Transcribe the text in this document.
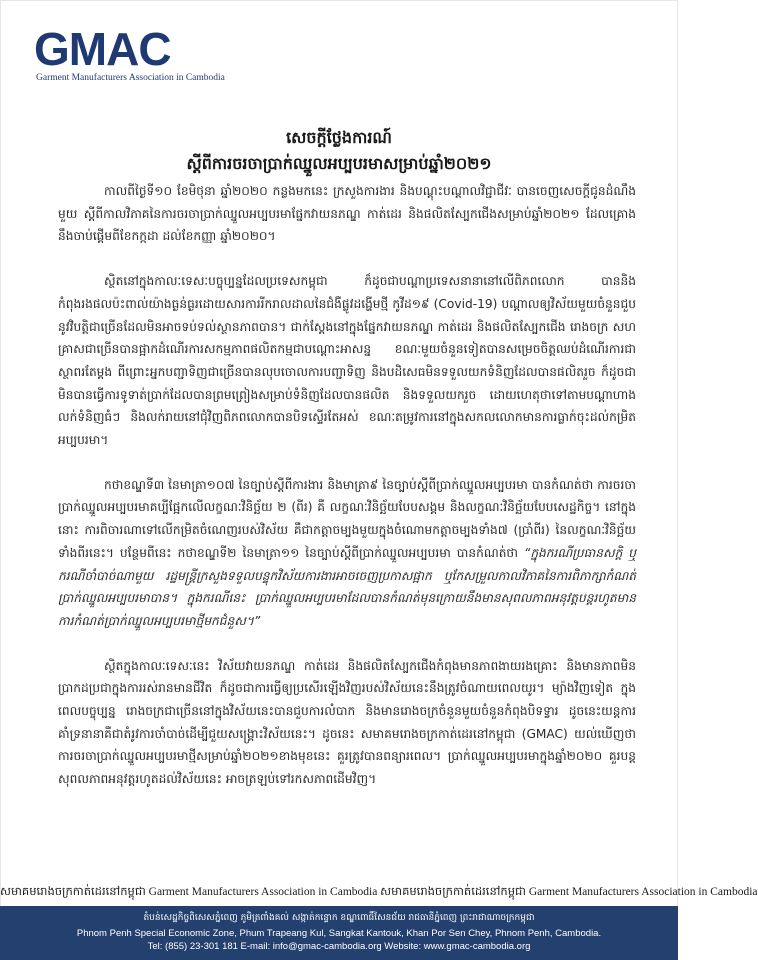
GMAC
Garment Manufacturers Association in Cambodia
សេចក្តីថ្លែងការណ៍
ស្តីពីការចរចាប្រាក់ឈ្នួលអប្បបរមាសម្រាប់ឆ្នាំ២០២១

កាលពីថ្ងៃទី១០ ខែមិថុនា ឆ្នាំ២០២០ កន្លងមកនេះ ក្រសួងការងារ និងបណ្តុះបណ្តាលវិជ្ជាជីវៈ បានចេញសេចក្តីជូនដំណឹងមួយ ស្តីពីកាលវិភាគនៃការចរចាប្រាក់ឈ្នួលអប្បបរមាផ្នែកវាយនភណ្ឌ កាត់ដេរ និងផលិតស្បែកជើងសម្រាប់ឆ្នាំ២០២១ ដែលគ្រោងនឹងចាប់ផ្តើមពីខែកក្កដា ដល់ខែកញ្ញា ឆ្នាំ២០២០។

ស្ថិតនៅក្នុងកាលៈទេសៈបច្ចុប្បន្នដែលប្រទេសកម្ពុជា ក៏ដូចជាបណ្តាប្រទេសនានានៅលើពិភពលោក បាននិងកំពុងរងផលប៉ះពាល់យ៉ាងធ្ងន់ធ្ងរដោយសារការរីករាលដាលនៃជំងឺផ្លូវដង្ហើមថ្មី កូវីដ១៩ (Covid-19) បណ្តាលឲ្យវិស័យមួយចំនួនជួបនូវវិបត្តិជាច្រើនដែលមិនអាចទប់ទល់ស្ថានភាពបាន។ ជាក់ស្តែងនៅក្នុងផ្នែកវាយនភណ្ឌ កាត់ដេរ និងផលិតស្បែកជើង រោងចក្រ សហគ្រាសជាច្រើនបានផ្អាកដំណើរការសកម្មភាពផលិតកម្មជាបណ្តោះអាសន្ន ខណៈមួយចំនួនទៀតបានសម្រេចចិត្តឈប់ដំណើរការជាស្ថាពរតែម្តង ពីព្រោះអ្នកបញ្ជាទិញជាច្រើនបានលុបចោលការបញ្ជាទិញ និងបដិសេធមិនទទួលយកទំនិញដែលបានផលិតរួច ក៏ដូចជាមិនបានធ្វើការទូទាត់ប្រាក់ដែលបានព្រមព្រៀងសម្រាប់ទំនិញដែលបានផលិត និងទទួលយករួច ដោយហេតុថាទៅតាមបណ្តាហាងលក់ទំនិញធំៗ និងលក់រាយនៅជុំវិញពិភពលោកបានបិទស្ទើរតែអស់ ខណៈតម្រូវការនៅក្នុងសកលលោកមានការធ្លាក់ចុះដល់កម្រិតអប្បបរមា។

កថាខណ្ឌទី៣ នៃមាត្រា១០៧ នៃច្បាប់ស្តីពីការងារ និងមាត្រា៩ នៃច្បាប់ស្តីពីប្រាក់ឈ្នួលអប្បបរមា បានកំណត់ថា ការចរចាប្រាក់ឈ្នួលអប្បបរមាគប្បីផ្អែកលើលក្ខណៈវិនិច្ឆ័យ ២ (ពីរ) គឺ លក្ខណៈវិនិច្ឆ័យបែបសង្គម និងលក្ខណៈវិនិច្ឆ័យបែបសេដ្ឋកិច្ច។ នៅក្នុងនោះ ការពិចារណាទៅលើកម្រិតចំណេញរបស់វិស័យ គឺជាកត្តាចម្បងមួយក្នុងចំណោមកត្តាចម្បងទាំង៧ (ប្រាំពីរ) នៃលក្ខណៈវិនិច្ឆ័យទាំងពីរនេះ។ បន្ថែមពីនេះ កថាខណ្ឌទី២ នៃមាត្រា១១ នៃច្បាប់ស្តីពីប្រាក់ឈ្នួលអប្បបរមា បានកំណត់ថា “ក្នុងករណីប្រធានសក្តិ ឬករណីចាំបាច់ណាមួយ រដ្ឋមន្ត្រីក្រសួងទទួលបន្ទុកវិស័យការងារអាចចេញប្រកាសផ្អាក ឬកែសម្រួលកាលវិភាគនៃការពិភាក្សាកំណត់ប្រាក់ឈ្នួលអប្បបរមាបាន។ ក្នុងករណីនេះ ប្រាក់ឈ្នួលអប្បបរមាដែលបានកំណត់មុនក្រោយនឹងមានសុពលភាពអនុវត្តបន្តរហូតមានការកំណត់ប្រាក់ឈ្នួលអប្បបរមាថ្មីមកជំនួស។”

ស្ថិតក្នុងកាលៈទេសៈនេះ វិស័យវាយនភណ្ឌ កាត់ដេរ និងផលិតស្បែកជើងកំពុងមានភាពងាយរងគ្រោះ និងមានភាពមិនប្រាកដប្រជាក្នុងការរស់រានមានជីវិត ក៏ដូចជាការធ្វើឲ្យប្រសើរឡើងវិញរបស់វិស័យនេះនឹងត្រូវចំណាយពេលយូរ។ ម្យ៉ាងវិញទៀត ក្នុងពេលបច្ចុប្បន្ន រោងចក្រជាច្រើននៅក្នុងវិស័យនេះបានជួបការលំបាក និងមានរោងចក្រចំនួនមួយចំនួនកំពុងបិទទ្វារ ដូចនេះយន្តការគាំទ្រនានាគឺជាតំរូវការចាំបាច់ដើម្បីជួយសង្គ្រោះវិស័យនេះ។ ដូចនេះ សមាគមរោងចក្រកាត់ដេរនៅកម្ពុជា (GMAC) យល់ឃើញថា ការចរចាប្រាក់ឈ្នួលអប្បបរមាថ្មីសម្រាប់ឆ្នាំ២០២១ខាងមុខនេះ គួរត្រូវបានពន្យារពេល។ ប្រាក់ឈ្នួលអប្បបរមាក្នុងឆ្នាំ២០២០ គួរបន្តសុពលភាពអនុវត្តរហូតដល់វិស័យនេះ អាចត្រឡប់ទៅរកសភាពដើមវិញ។

សមាគមរោងចក្រកាត់ដេរនៅកម្ពុជា Garment Manufacturers Association in Cambodia សមាគមរោងចក្រកាត់ដេរនៅកម្ពុជា Garment Manufacturers Association in Cambodia
តំបន់សេដ្ឋកិច្ចពិសេសភ្នំពេញ ភូមិត្រពាំងគល់ សង្កាត់កន្ទោក ខណ្ឌពោធិ៍សែនជ័យ រាជធានីភ្នំពេញ ព្រះរាជាណាចក្រកម្ពុជា
Phnom Penh Special Economic Zone, Phum Trapeang Kul, Sangkat Kantouk, Khan Por Sen Chey, Phnom Penh, Cambodia.
Tel: (855) 23-301 181 E-mail: info@gmac-cambodia.org Website: www.gmac-cambodia.org
